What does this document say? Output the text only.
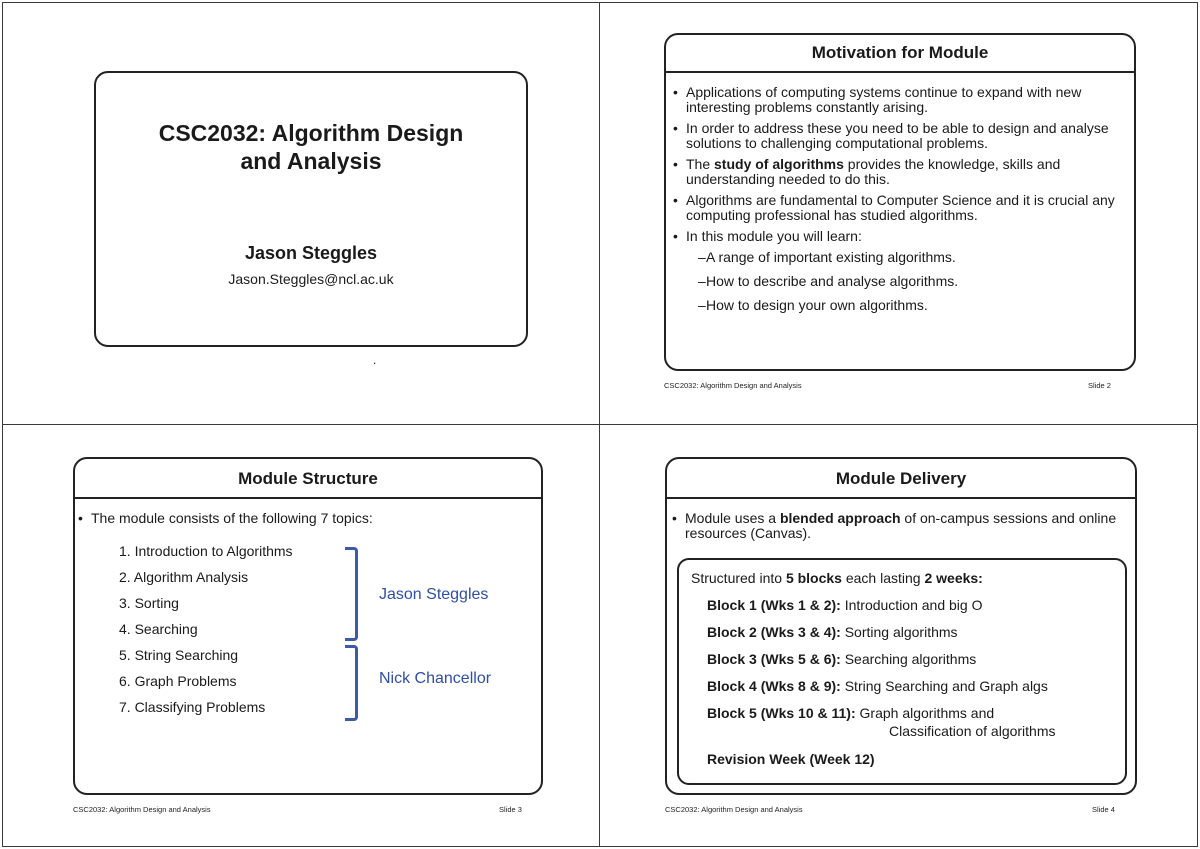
CSC2032: Algorithm Design
and Analysis
Jason Steggles
Jason.Steggles@ncl.ac.uk
.
Motivation for Module
• Applications of computing systems continue to expand with new interesting problems constantly arising.
• In order to address these you need to be able to design and analyse solutions to challenging computational problems.
• The study of algorithms provides the knowledge, skills and understanding needed to do this.
• Algorithms are fundamental to Computer Science and it is crucial any computing professional has studied algorithms.
• In this module you will learn:
– A range of important existing algorithms.
– How to describe and analyse algorithms.
– How to design your own algorithms.
CSC2032: Algorithm Design and Analysis	Slide 2
Module Structure
• The module consists of the following 7 topics:
1. Introduction to Algorithms
2. Algorithm Analysis
3. Sorting
4. Searching
5. String Searching
6. Graph Problems
7. Classifying Problems
Jason Steggles
Nick Chancellor
CSC2032: Algorithm Design and Analysis	Slide 3
Module Delivery
• Module uses a blended approach of on-campus sessions and online resources (Canvas).
Structured into 5 blocks each lasting 2 weeks:
Block 1 (Wks 1 & 2): Introduction and big O
Block 2 (Wks 3 & 4): Sorting algorithms
Block 3 (Wks 5 & 6): Searching algorithms
Block 4 (Wks 8 & 9): String Searching and Graph algs
Block 5 (Wks 10 & 11): Graph algorithms and
Classification of algorithms
Revision Week (Week 12)
CSC2032: Algorithm Design and Analysis	Slide 4
